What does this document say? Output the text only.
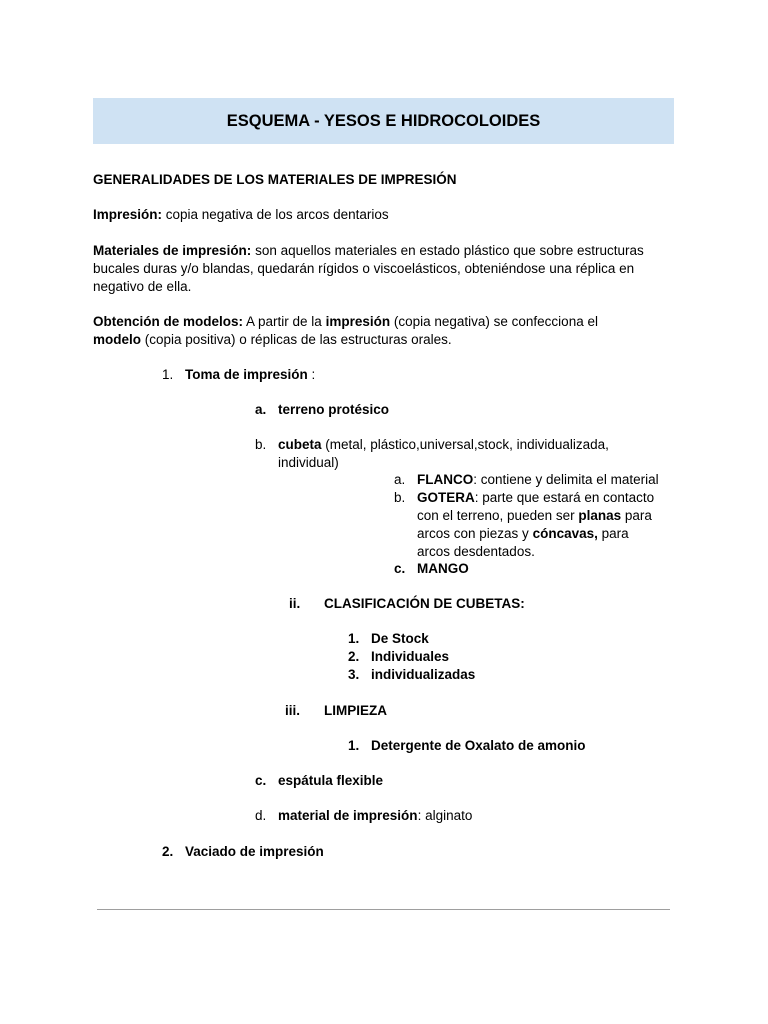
ESQUEMA - YESOS E HIDROCOLOIDES
GENERALIDADES DE LOS MATERIALES DE IMPRESIÓN
Impresión: copia negativa de los arcos dentarios
Materiales de impresión: son aquellos materiales en estado plástico que sobre estructuras
bucales duras y/o blandas, quedarán rígidos o viscoelásticos, obteniéndose una réplica en
negativo de ella.
Obtención de modelos: A partir de la impresión (copia negativa) se confecciona el
modelo (copia positiva) o réplicas de las estructuras orales.
1. Toma de impresión :
a. terreno protésico
b. cubeta (metal, plástico,universal,stock, individualizada,
individual)
a. FLANCO: contiene y delimita el material
b. GOTERA: parte que estará en contacto
con el terreno, pueden ser planas para
arcos con piezas y cóncavas, para
arcos desdentados.
c. MANGO
ii. CLASIFICACIÓN DE CUBETAS:
1. De Stock
2. Individuales
3. individualizadas
iii. LIMPIEZA
1. Detergente de Oxalato de amonio
c. espátula flexible
d. material de impresión: alginato
2. Vaciado de impresión
